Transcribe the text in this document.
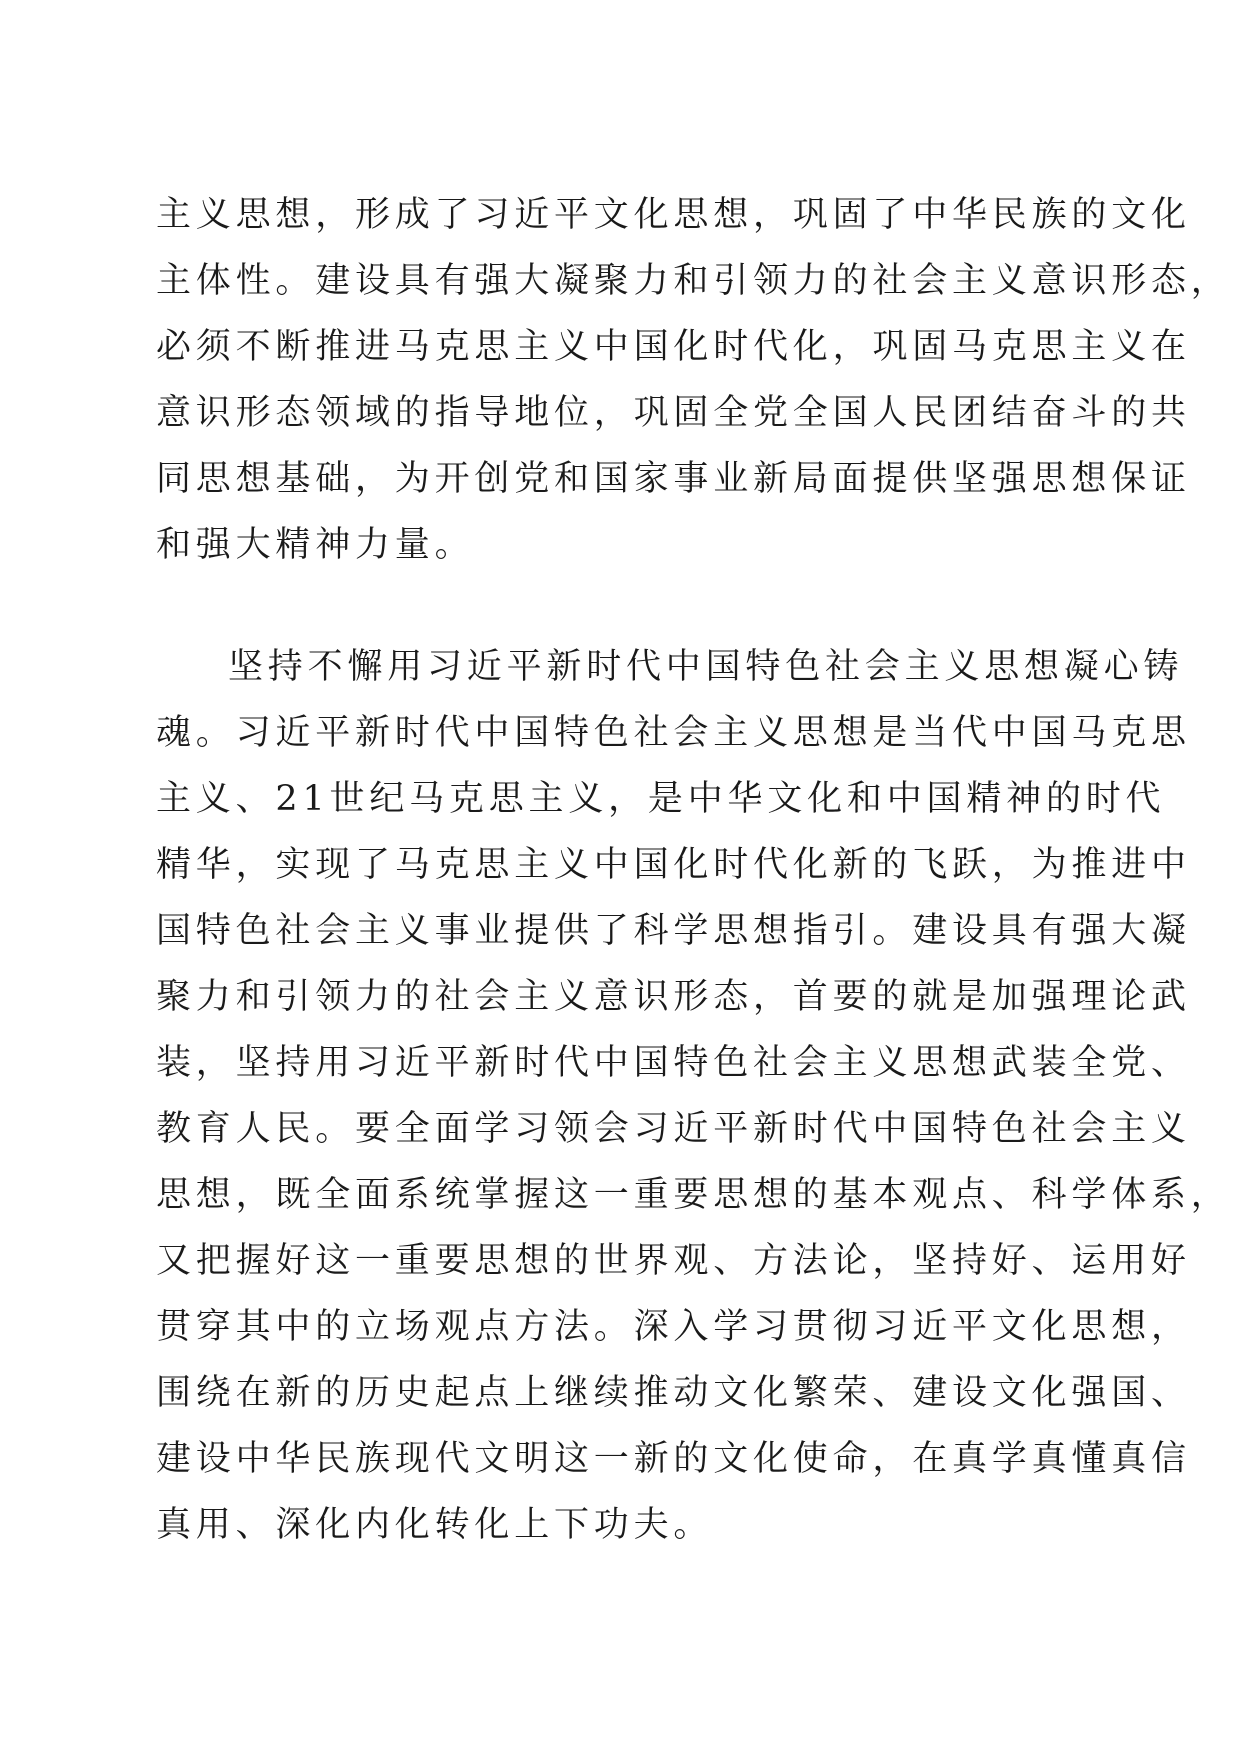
主义思想，形成了习近平文化思想，巩固了中华民族的文化
主体性。建设具有强大凝聚力和引领力的社会主义意识形态，
必须不断推进马克思主义中国化时代化，巩固马克思主义在
意识形态领域的指导地位，巩固全党全国人民团结奋斗的共
同思想基础，为开创党和国家事业新局面提供坚强思想保证
和强大精神力量。
坚持不懈用习近平新时代中国特色社会主义思想凝心铸
魂。习近平新时代中国特色社会主义思想是当代中国马克思
主义、21世纪马克思主义，是中华文化和中国精神的时代
精华，实现了马克思主义中国化时代化新的飞跃，为推进中
国特色社会主义事业提供了科学思想指引。建设具有强大凝
聚力和引领力的社会主义意识形态，首要的就是加强理论武
装，坚持用习近平新时代中国特色社会主义思想武装全党、
教育人民。要全面学习领会习近平新时代中国特色社会主义
思想，既全面系统掌握这一重要思想的基本观点、科学体系，
又把握好这一重要思想的世界观、方法论，坚持好、运用好
贯穿其中的立场观点方法。深入学习贯彻习近平文化思想，
围绕在新的历史起点上继续推动文化繁荣、建设文化强国、
建设中华民族现代文明这一新的文化使命，在真学真懂真信
真用、深化内化转化上下功夫。
